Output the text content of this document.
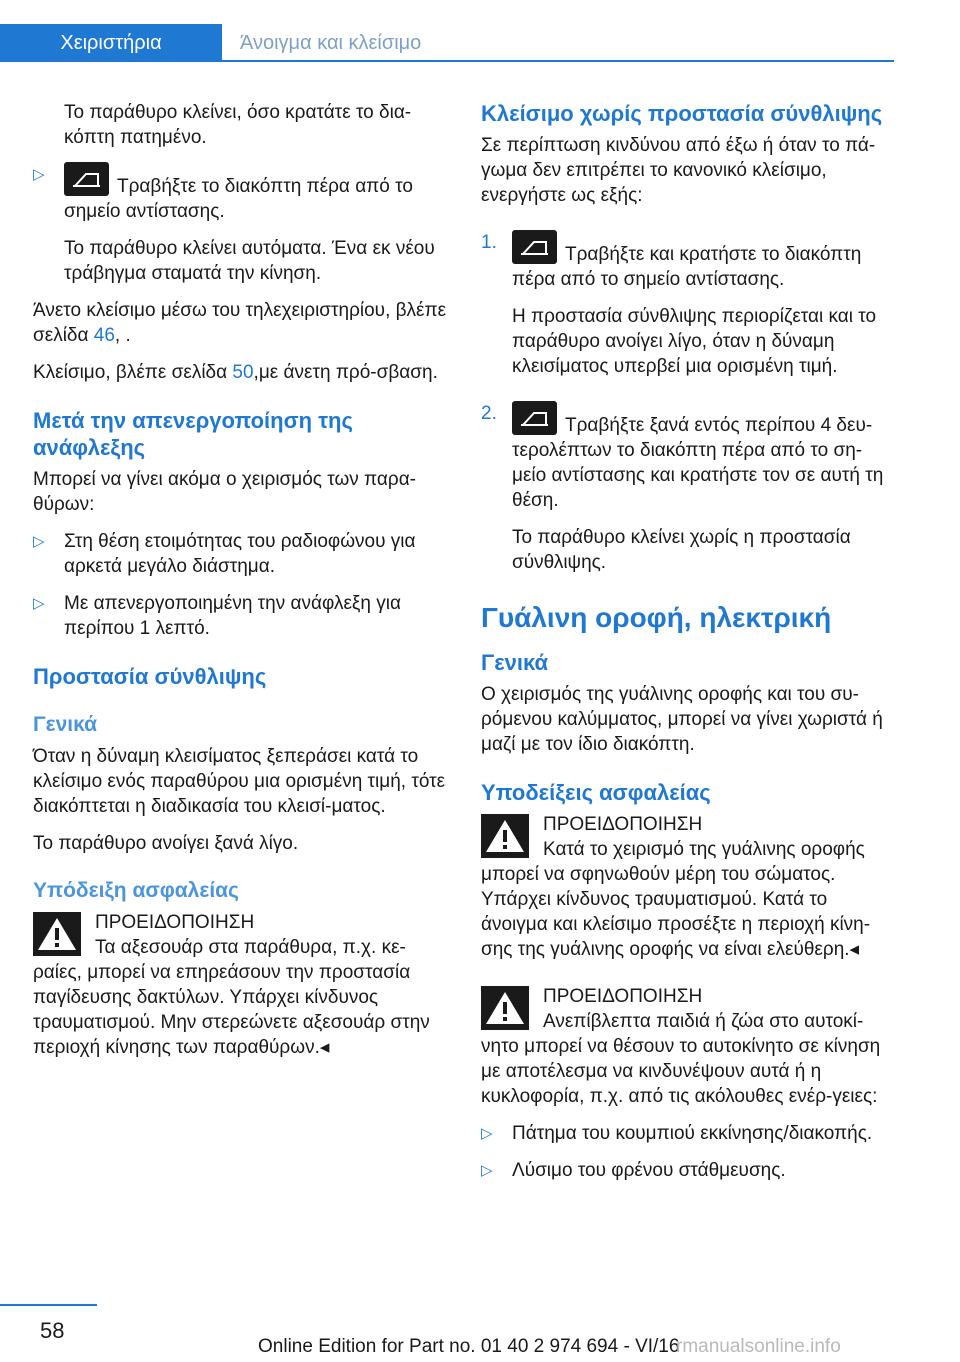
Χειριστήρια	Άνοιγμα και κλείσιμο

Το παράθυρο κλείνει, όσο κρατάτε το δια‐κόπτη πατημένο.

▷
Τραβήξτε το διακόπτη πέρα από το σημείο αντίστασης.

Το παράθυρο κλείνει αυτόματα. Ένα εκ νέου τράβηγμα σταματά την κίνηση.

Άνετο κλείσιμο μέσω του τηλεχειριστηρίου, βλέπε σελίδα 46, .

Κλείσιμο, βλέπε σελίδα 50,με άνετη πρό‐σβαση.

Μετά την απενεργοποίηση της ανάφλεξης

Μπορεί να γίνει ακόμα ο χειρισμός των παρα‐θύρων:

▷ Στη θέση ετοιμότητας του ραδιοφώνου για αρκετά μεγάλο διάστημα.
▷ Με απενεργοποιημένη την ανάφλεξη για περίπου 1 λεπτό.
Προστασία σύνθλιψης
Γενικά

Όταν η δύναμη κλεισίματος ξεπεράσει κατά το κλείσιμο ενός παραθύρου μια ορισμένη τιμή, τότε διακόπτεται η διαδικασία του κλεισί‐ματος.

Το παράθυρο ανοίγει ξανά λίγο.

Υπόδειξη ασφαλείας
ΠΡΟΕΙΔΟΠΟΙΗΣΗ
Τα αξεσουάρ στα παράθυρα, π.χ. κε‐

ραίες, μπορεί να επηρεάσουν την προστασία παγίδευσης δακτύλων. Υπάρχει κίνδυνος τραυματισμού. Μην στερεώνετε αξεσουάρ στην περιοχή κίνησης των παραθύρων.◂

Κλείσιμο χωρίς προστασία σύνθλιψης

Σε περίπτωση κινδύνου από έξω ή όταν το πά‐γωμα δεν επιτρέπει το κανονικό κλείσιμο, ενεργήστε ως εξής:

1.
Τραβήξτε και κρατήστε το διακόπτη πέρα από το σημείο αντίστασης.

Η προστασία σύνθλιψης περιορίζεται και το παράθυρο ανοίγει λίγο, όταν η δύναμη κλεισίματος υπερβεί μια ορισμένη τιμή.

2.
Τραβήξτε ξανά εντός περίπου 4 δευ‐τερολέπτων το διακόπτη πέρα από το ση‐μείο αντίστασης και κρατήστε τον σε αυτή τη θέση.

Το παράθυρο κλείνει χωρίς η προστασία σύνθλιψης.

Γυάλινη οροφή, ηλεκτρική
Γενικά

Ο χειρισμός της γυάλινης οροφής και του συ‐ρόμενου καλύμματος, μπορεί να γίνει χωριστά ή μαζί με τον ίδιο διακόπτη.

Υποδείξεις ασφαλείας
ΠΡΟΕΙΔΟΠΟΙΗΣΗ
Κατά το χειρισμό της γυάλινης οροφής

μπορεί να σφηνωθούν μέρη του σώματος. Υπάρχει κίνδυνος τραυματισμού. Κατά το άνοιγμα και κλείσιμο προσέξτε η περιοχή κίνη‐σης της γυάλινης οροφής να είναι ελεύθερη.◂

ΠΡΟΕΙΔΟΠΟΙΗΣΗ
Ανεπίβλεπτα παιδιά ή ζώα στο αυτοκί‐

νητο μπορεί να θέσουν το αυτοκίνητο σε κίνηση με αποτέλεσμα να κινδυνέψουν αυτά ή η κυκλοφορία, π.χ. από τις ακόλουθες ενέρ‐γειες:

▷ Πάτημα του κουμπιού εκκίνησης/διακοπής.
▷ Λύσιμο του φρένου στάθμευσης.
58
Online Edition for Part no. 01 40 2 974 694 - VI/16
rmanualsonline.info
